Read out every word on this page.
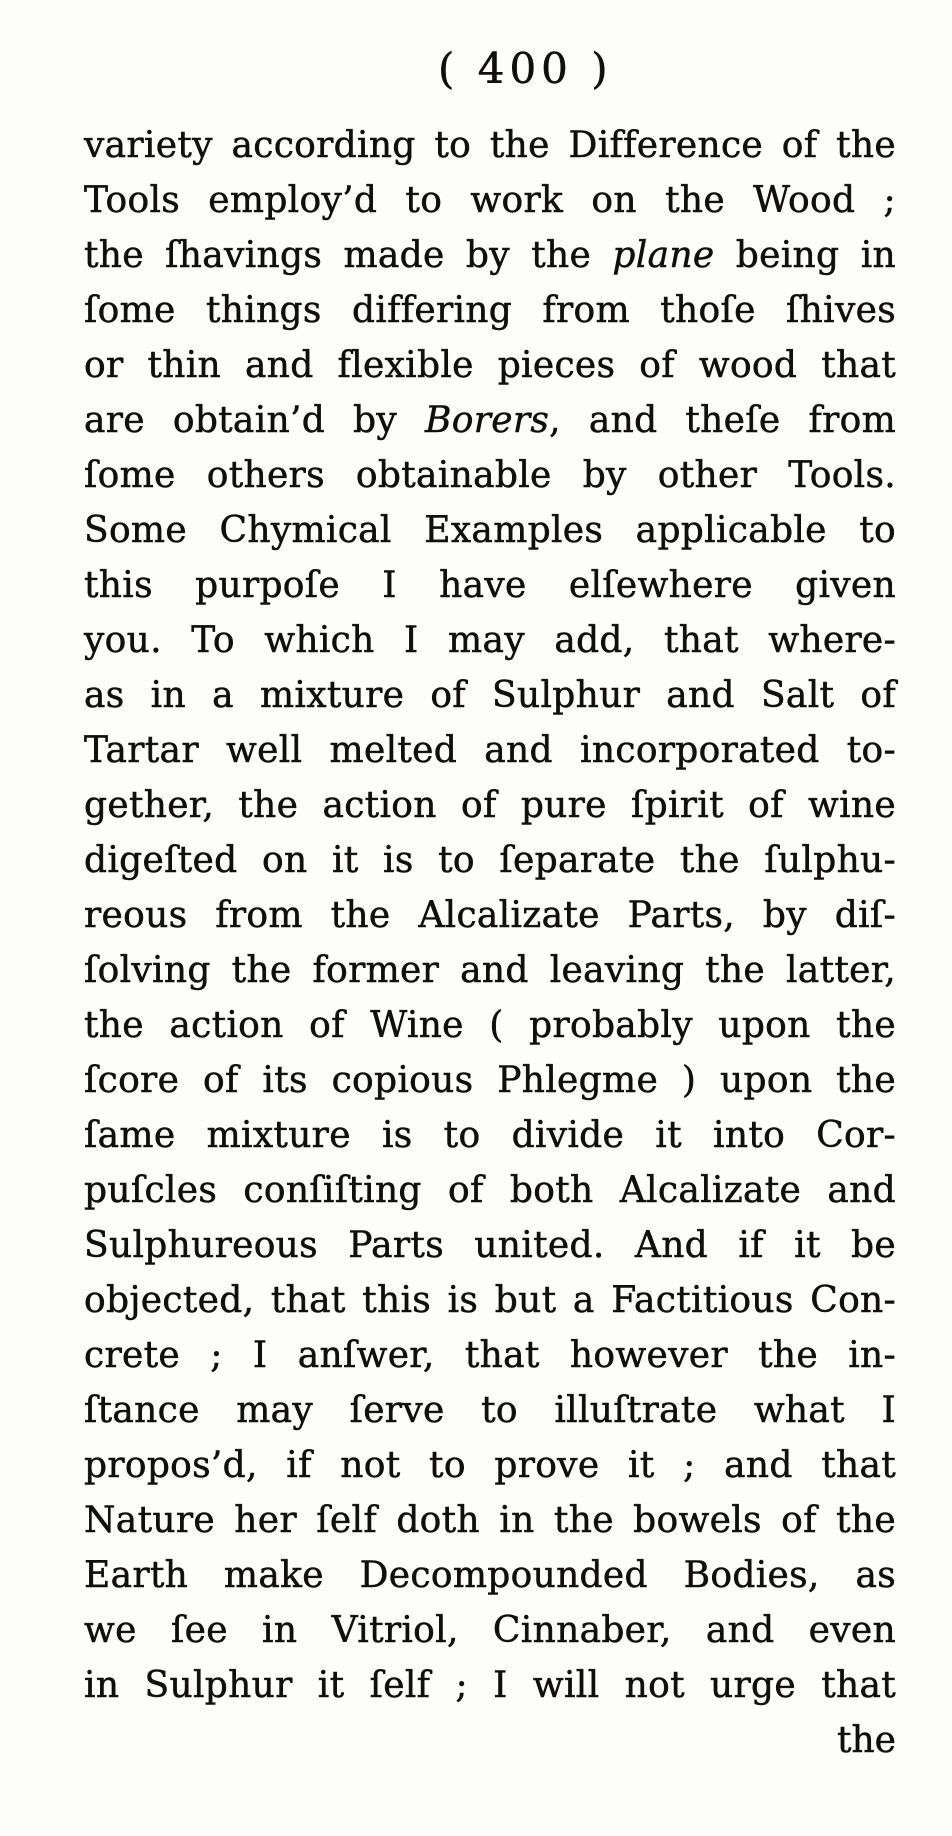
( 400 )
variety according to the Difference of the
Tools employ’d to work on the Wood ;
the ſhavings made by the plane being in
ſome things differing from thoſe ſhives
or thin and flexible pieces of wood that
are obtain’d by Borers, and theſe from
ſome others obtainable by other Tools.
Some Chymical Examples applicable to
this purpoſe I have elſewhere given
you. To which I may add, that where-
as in a mixture of Sulphur and Salt of
Tartar well melted and incorporated to-
gether, the action of pure ſpirit of wine
digeſted on it is to ſeparate the ſulphu-
reous from the Alcalizate Parts, by diſ-
ſolving the former and leaving the latter,
the action of Wine ( probably upon the
ſcore of its copious Phlegme ) upon the
ſame mixture is to divide it into Cor-
puſcles conſiſting of both Alcalizate and
Sulphureous Parts united. And if it be
objected, that this is but a Factitious Con-
crete ; I anſwer, that however the in-
ſtance may ſerve to illuſtrate what I
propos’d, if not to prove it ; and that
Nature her ſelf doth in the bowels of the
Earth make Decompounded Bodies, as
we ſee in Vitriol, Cinnaber, and even
in Sulphur it ſelf ; I will not urge that
the
